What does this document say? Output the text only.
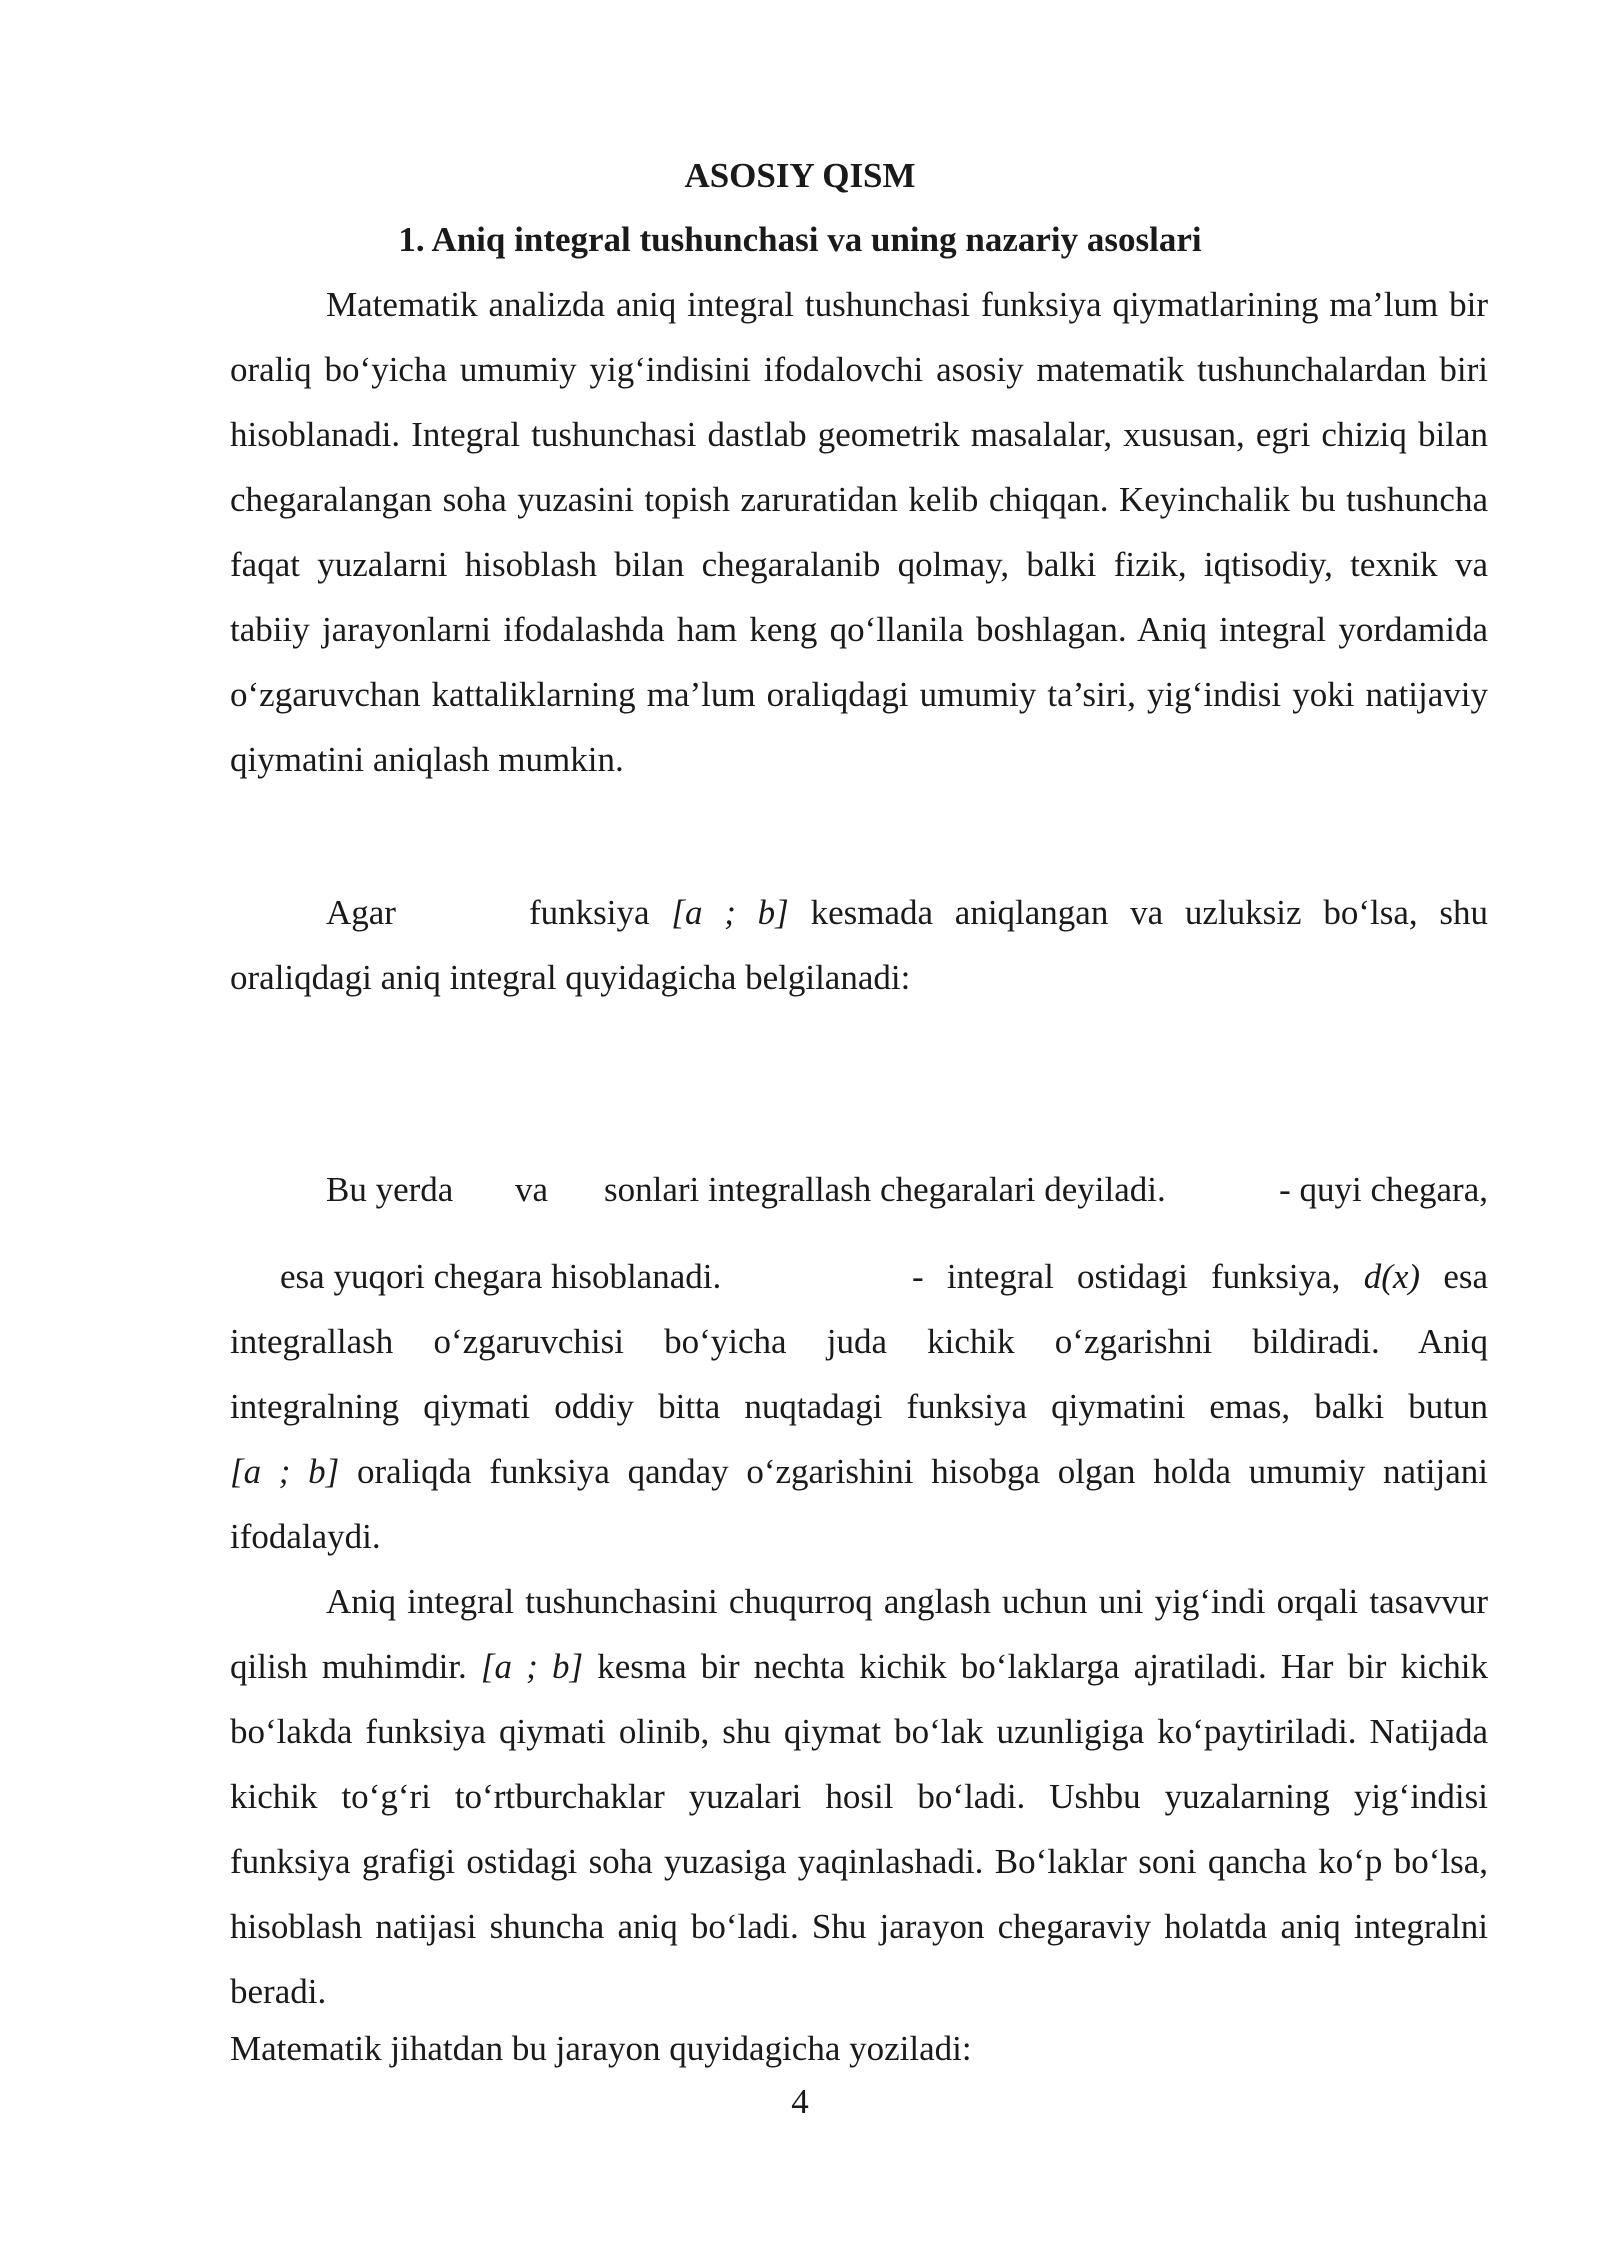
ASOSIY QISM
1. Aniq integral tushunchasi va uning nazariy asoslari

Matematik analizda aniq integral tushunchasi funksiya qiymatlarining ma’lum bir oraliq bo‘yicha umumiy yig‘indisini ifodalovchi asosiy matematik tushunchalardan biri hisoblanadi. Integral tushunchasi dastlab geometrik masalalar, xususan, egri chiziq bilan chegaralangan soha yuzasini topish zaruratidan kelib chiqqan. Keyinchalik bu tushuncha faqat yuzalarni hisoblash bilan chegaralanib qolmay, balki fizik, iqtisodiy, texnik va tabiiy jarayonlarni ifodalashda ham keng qo‘llanila boshlagan. Aniq integral yordamida o‘zgaruvchan kattaliklarning ma’lum oraliqdagi umumiy ta’siri, yig‘indisi yoki natijaviy qiymatini aniqlash mumkin.

Agar	funksiya [a ; b] kesmada aniqlangan va uzluksiz bo‘lsa, shu
oraliqdagi aniq integral quyidagicha belgilanadi:
Bu yerda va sonlari integrallash chegaralari deyiladi.	- quyi chegara,
esa yuqori chegara hisoblanadi.	- integral ostidagi funksiya, d(x) esa
integrallash o‘zgaruvchisi bo‘yicha juda kichik o‘zgarishni bildiradi. Aniq
integralning qiymati oddiy bitta nuqtadagi funksiya qiymatini emas, balki butun
[a ; b] oraliqda funksiya qanday o‘zgarishini hisobga olgan holda umumiy natijani
ifodalaydi.

Aniq integral tushunchasini chuqurroq anglash uchun uni yig‘indi orqali tasavvur qilish muhimdir. [a ; b] kesma bir nechta kichik bo‘laklarga ajratiladi. Har bir kichik bo‘lakda funksiya qiymati olinib, shu qiymat bo‘lak uzunligiga ko‘paytiriladi. Natijada kichik to‘g‘ri to‘rtburchaklar yuzalari hosil bo‘ladi. Ushbu yuzalarning yig‘indisi funksiya grafigi ostidagi soha yuzasiga yaqinlashadi. Bo‘laklar soni qancha ko‘p bo‘lsa, hisoblash natijasi shuncha aniq bo‘ladi. Shu jarayon chegaraviy holatda aniq integralni beradi.

Matematik jihatdan bu jarayon quyidagicha yoziladi:
4
